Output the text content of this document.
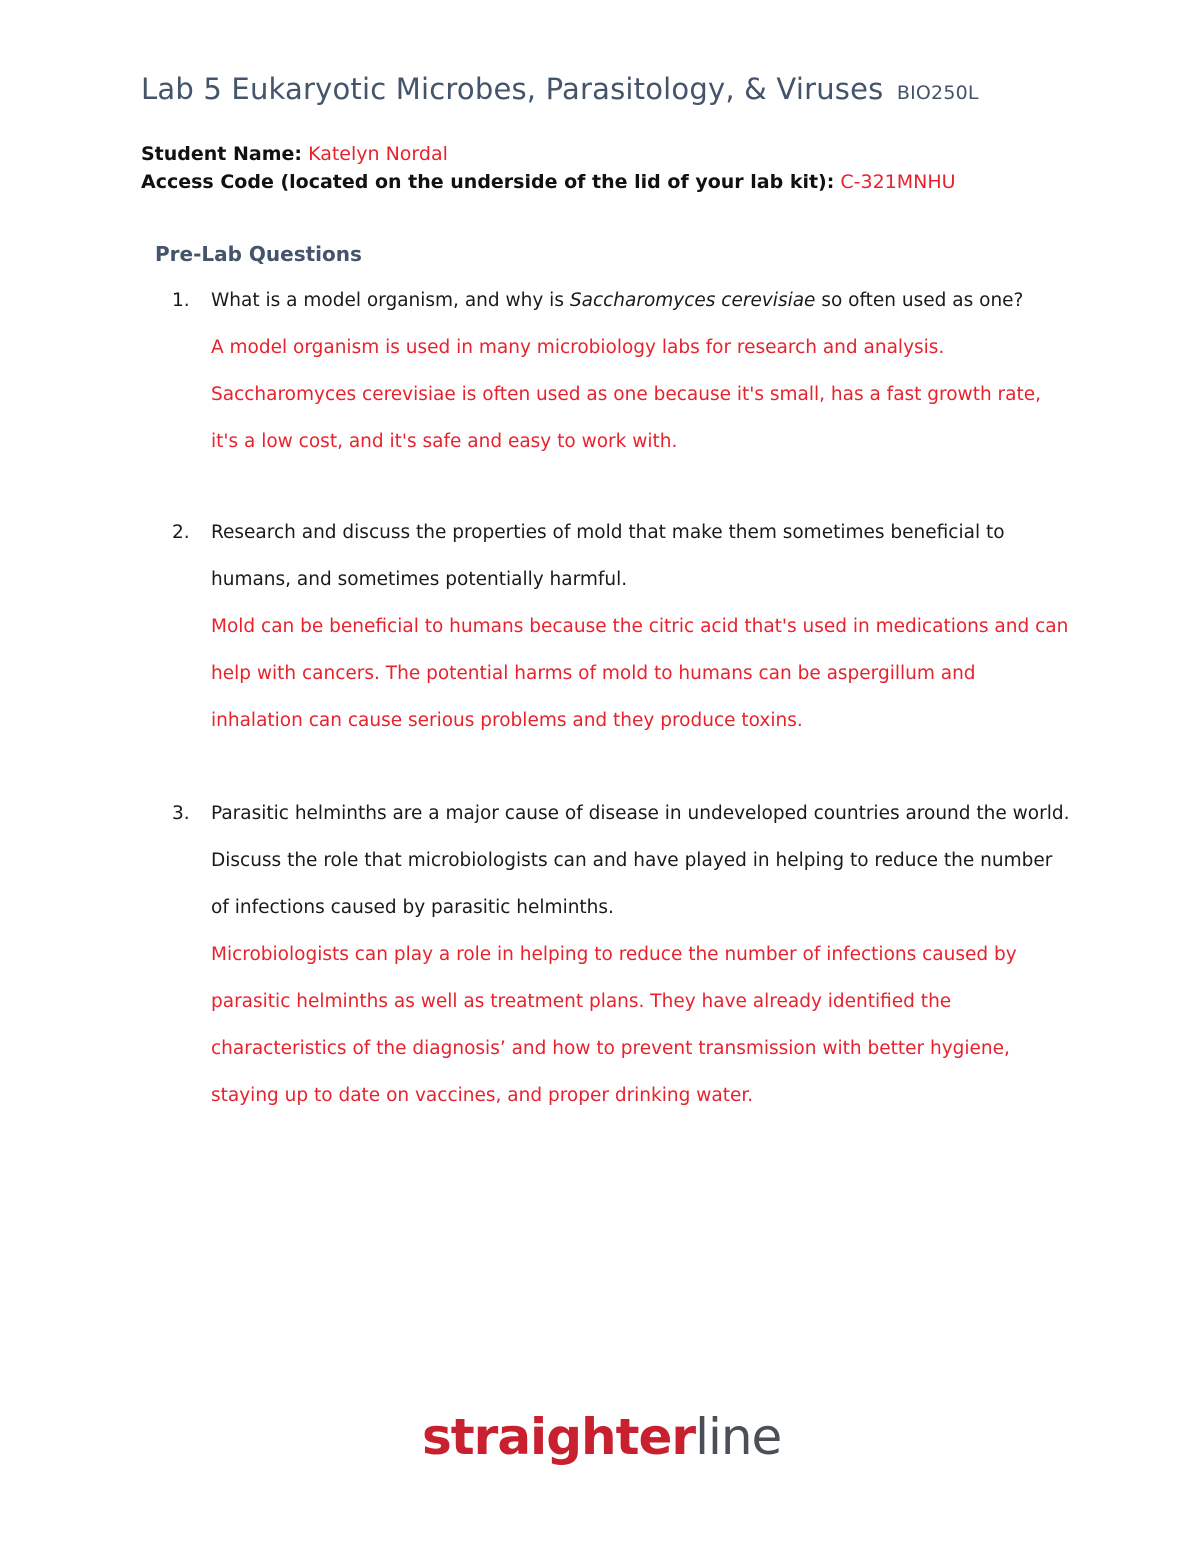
Lab 5 Eukaryotic Microbes, Parasitology, & Viruses BIO250L
Student Name: Katelyn Nordal
Access Code (located on the underside of the lid of your lab kit): C-321MNHU
Pre-Lab Questions
1. What is a model organism, and why is Saccharomyces cerevisiae so often used as one?
A model organism is used in many microbiology labs for research and analysis. Saccharomyces cerevisiae is often used as one because it's small, has a fast growth rate, it's a low cost, and it's safe and easy to work with.
2. Research and discuss the properties of mold that make them sometimes beneficial to humans, and sometimes potentially harmful.
Mold can be beneficial to humans because the citric acid that's used in medications and can help with cancers. The potential harms of mold to humans can be aspergillum and inhalation can cause serious problems and they produce toxins.
3. Parasitic helminths are a major cause of disease in undeveloped countries around the world. Discuss the role that microbiologists can and have played in helping to reduce the number of infections caused by parasitic helminths.
Microbiologists can play a role in helping to reduce the number of infections caused by parasitic helminths as well as treatment plans. They have already identified the characteristics of the diagnosis’ and how to prevent transmission with better hygiene, staying up to date on vaccines, and proper drinking water.
straighterline
